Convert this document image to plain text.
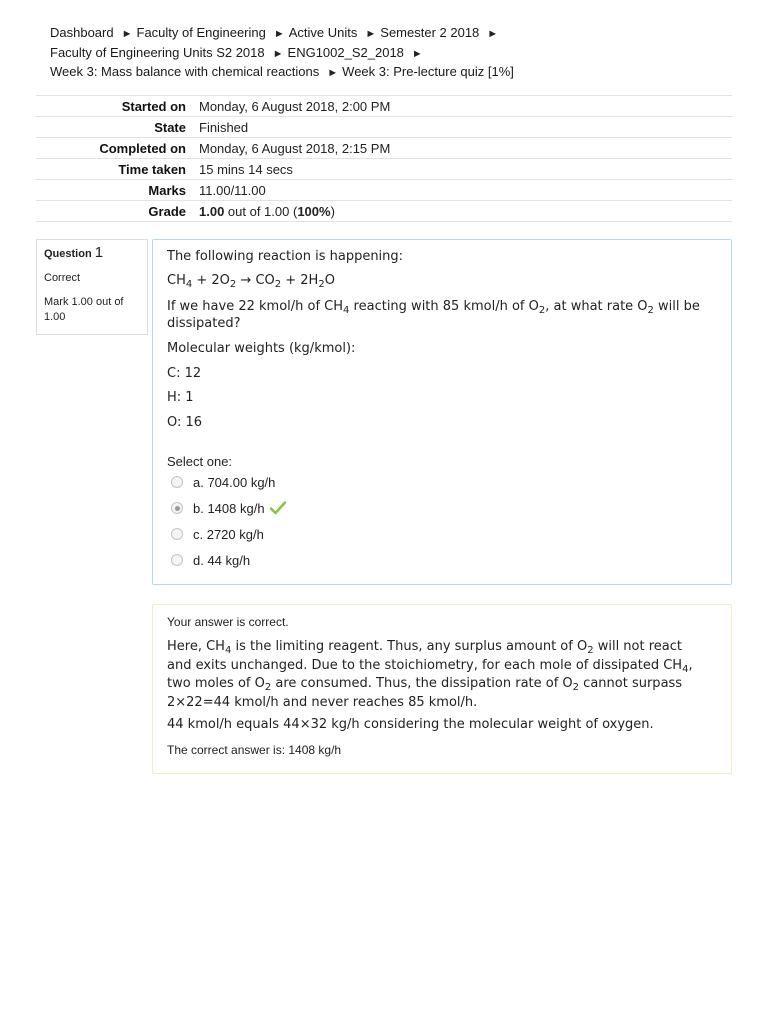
Dashboard ► Faculty of Engineering ► Active Units ► Semester 2 2018 ►
Faculty of Engineering Units S2 2018 ► ENG1002_S2_2018 ►
Week 3: Mass balance with chemical reactions ► Week 3: Pre-lecture quiz [1%]
Started on	Monday, 6 August 2018, 2:00 PM
State	Finished
Completed on	Monday, 6 August 2018, 2:15 PM
Time taken	15 mins 14 secs
Marks	11.00/11.00
Grade	1.00 out of 1.00 (100%)
Question 1
Correct
Mark 1.00 out of 1.00

The following reaction is happening:

$CH_4 + 2O_2 \to CO_2 + 2H_2O$

If we have 22 kmol/h of $CH_4$ reacting with 85 kmol/h of $O_2$, at what rate $O_2$ will be dissipated?

Molecular weights (kg/kmol):

C: 12

H: 1

O: 16

Select one:
a. 704.00 kg/h
b. 1408 kg/h
c. 2720 kg/h
d. 44 kg/h
Your answer is correct.

Here, $CH_4$ is the limiting reagent. Thus, any surplus amount of $O_2$ will not react and exits unchanged. Due to the stoichiometry, for each mole of dissipated $CH_4$, two moles of $O_2$ are consumed. Thus, the dissipation rate of $O_2$ cannot surpass 2×22=44 kmol/h and never reaches 85 kmol/h.

44 kmol/h equals 44×32 kg/h considering the molecular weight of oxygen.

The correct answer is: 1408 kg/h
